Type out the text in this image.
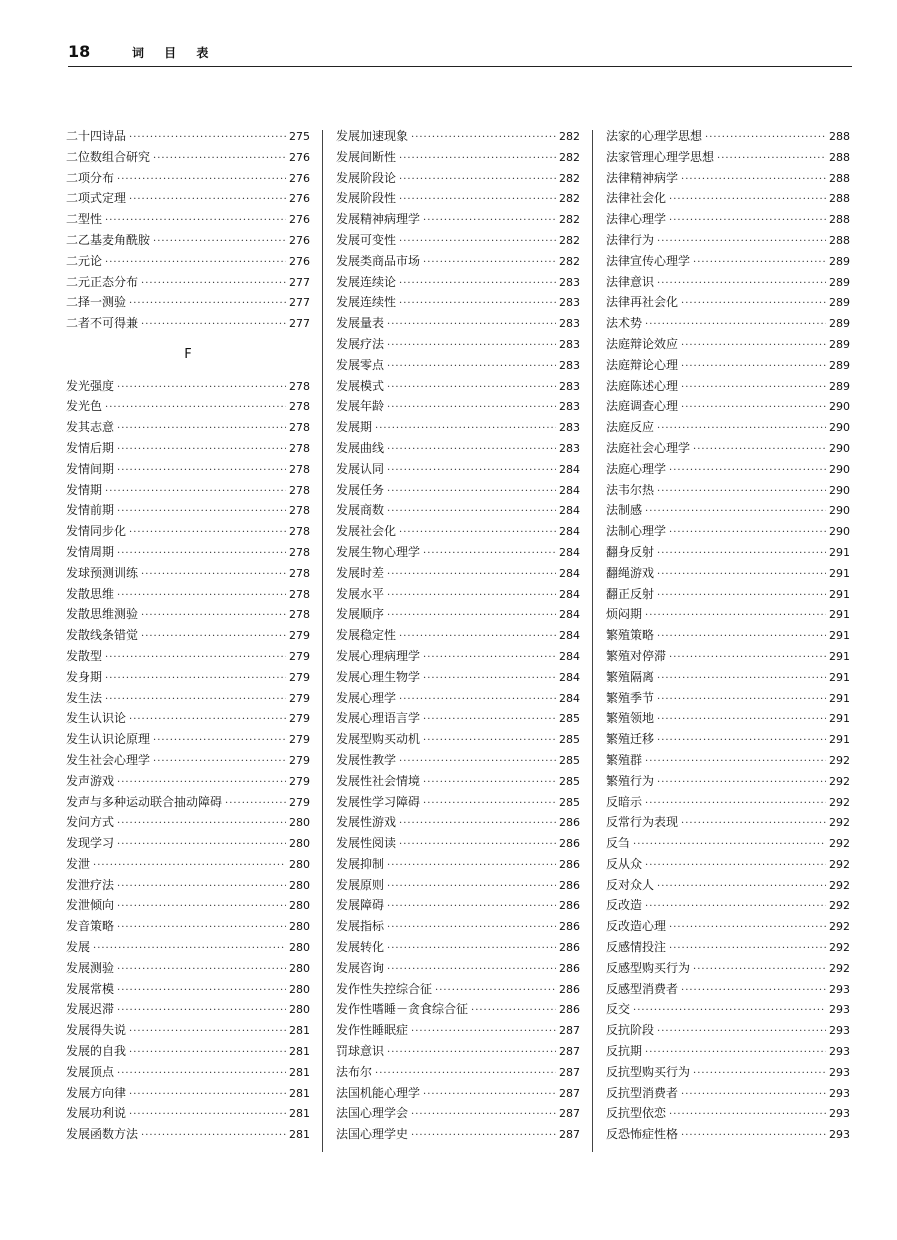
18	词 目 表
二十四诗品 ·····	275
二位数组合研究 ·····	276
二项分布 ·····	276
二项式定理 ·····	276
二型性 ·····	276
二乙基麦角酰胺 ·····	276
二元论 ·····	276
二元正态分布 ·····	277
二择一测验 ·····	277
二者不可得兼 ·····	277
F
发光强度 ·····	278
发光色 ·····	278
发其志意 ·····	278
发情后期 ·····	278
发情间期 ·····	278
发情期 ·····	278
发情前期 ·····	278
发情同步化 ·····	278
发情周期 ·····	278
发球预测训练 ·····	278
发散思维 ·····	278
发散思维测验 ·····	278
发散线条错觉 ·····	279
发散型 ·····	279
发身期 ·····	279
发生法 ·····	279
发生认识论 ·····	279
发生认识论原理 ·····	279
发生社会心理学 ·····	279
发声游戏 ·····	279
发声与多种运动联合抽动障碍 ·····	279
发问方式 ·····	280
发现学习 ·····	280
发泄 ·····	280
发泄疗法 ·····	280
发泄倾向 ·····	280
发音策略 ·····	280
发展 ·····	280
发展测验 ·····	280
发展常模 ·····	280
发展迟滞 ·····	280
发展得失说 ·····	281
发展的自我 ·····	281
发展顶点 ·····	281
发展方向律 ·····	281
发展功利说 ·····	281
发展函数方法 ·····	281
发展加速现象 ·····	282
发展间断性 ·····	282
发展阶段论 ·····	282
发展阶段性 ·····	282
发展精神病理学 ·····	282
发展可变性 ·····	282
发展类商品市场 ·····	282
发展连续论 ·····	283
发展连续性 ·····	283
发展量表 ·····	283
发展疗法 ·····	283
发展零点 ·····	283
发展模式 ·····	283
发展年龄 ·····	283
发展期 ·····	283
发展曲线 ·····	283
发展认同 ·····	284
发展任务 ·····	284
发展商数 ·····	284
发展社会化 ·····	284
发展生物心理学 ·····	284
发展时差 ·····	284
发展水平 ·····	284
发展顺序 ·····	284
发展稳定性 ·····	284
发展心理病理学 ·····	284
发展心理生物学 ·····	284
发展心理学 ·····	284
发展心理语言学 ·····	285
发展型购买动机 ·····	285
发展性教学 ·····	285
发展性社会情境 ·····	285
发展性学习障碍 ·····	285
发展性游戏 ·····	286
发展性阅读 ·····	286
发展抑制 ·····	286
发展原则 ·····	286
发展障碍 ·····	286
发展指标 ·····	286
发展转化 ·····	286
发展咨询 ·····	286
发作性失控综合征 ·····	286
发作性嗜睡－贪食综合征 ·····	286
发作性睡眠症 ·····	287
罚球意识 ·····	287
法布尔 ·····	287
法国机能心理学 ·····	287
法国心理学会 ·····	287
法国心理学史 ·····	287
法家的心理学思想 ·····	288
法家管理心理学思想 ·····	288
法律精神病学 ·····	288
法律社会化 ·····	288
法律心理学 ·····	288
法律行为 ·····	288
法律宣传心理学 ·····	289
法律意识 ·····	289
法律再社会化 ·····	289
法术势 ·····	289
法庭辩论效应 ·····	289
法庭辩论心理 ·····	289
法庭陈述心理 ·····	289
法庭调查心理 ·····	290
法庭反应 ·····	290
法庭社会心理学 ·····	290
法庭心理学 ·····	290
法韦尔热 ·····	290
法制感 ·····	290
法制心理学 ·····	290
翻身反射 ·····	291
翻绳游戏 ·····	291
翻正反射 ·····	291
烦闷期 ·····	291
繁殖策略 ·····	291
繁殖对停滞 ·····	291
繁殖隔离 ·····	291
繁殖季节 ·····	291
繁殖领地 ·····	291
繁殖迁移 ·····	291
繁殖群 ·····	292
繁殖行为 ·····	292
反暗示 ·····	292
反常行为表现 ·····	292
反刍 ·····	292
反从众 ·····	292
反对众人 ·····	292
反改造 ·····	292
反改造心理 ·····	292
反感情投注 ·····	292
反感型购买行为 ·····	292
反感型消费者 ·····	293
反交 ·····	293
反抗阶段 ·····	293
反抗期 ·····	293
反抗型购买行为 ·····	293
反抗型消费者 ·····	293
反抗型依恋 ·····	293
反恐怖症性格 ·····	293
